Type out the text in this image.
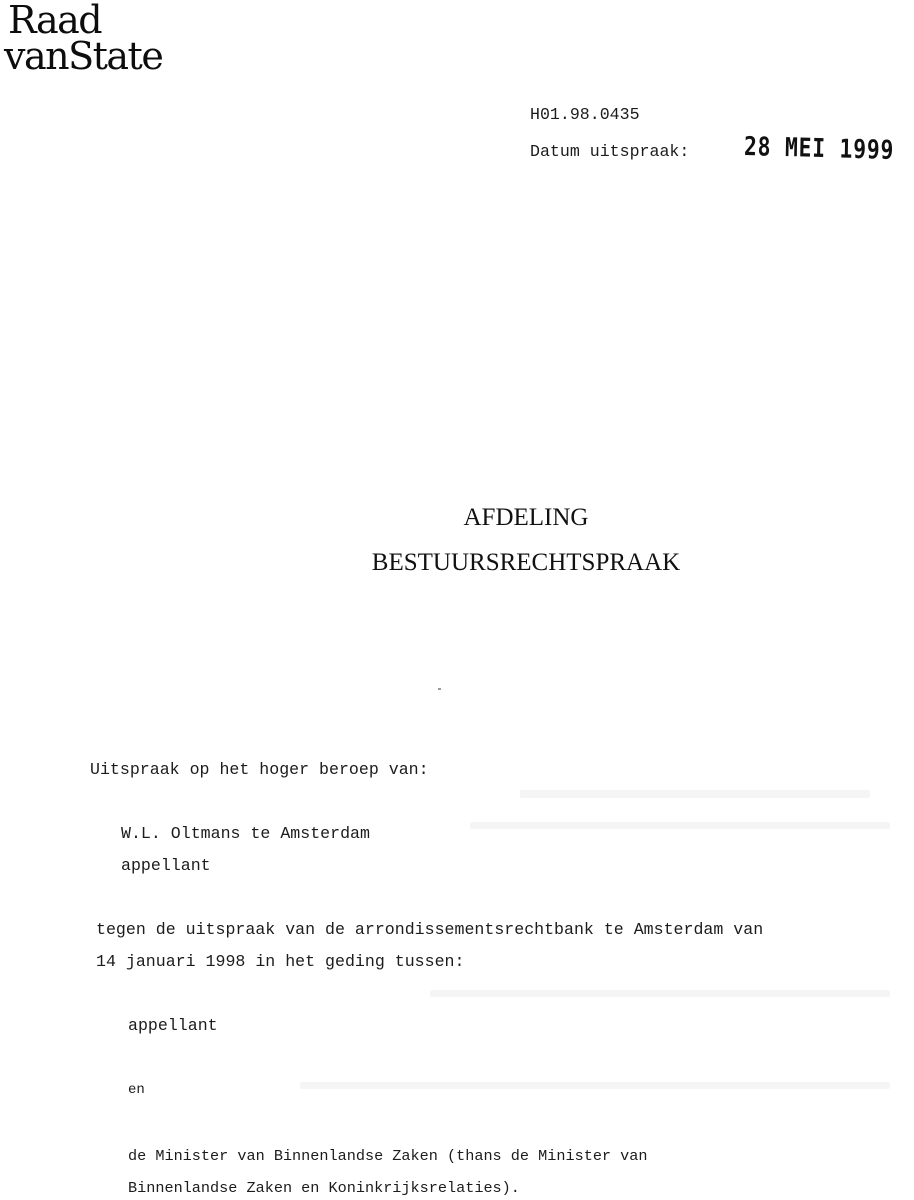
Raad
vanState
H01.98.0435
Datum uitspraak: 28 MEI 1999
AFDELING
BESTUURSRECHTSPRAAK
Uitspraak op het hoger beroep van:
W.L. Oltmans te Amsterdam
appellant
tegen de uitspraak van de arrondissementsrechtbank te Amsterdam van
14 januari 1998 in het geding tussen:
appellant
en
de Minister van Binnenlandse Zaken (thans de Minister van
Binnenlandse Zaken en Koninkrijksrelaties).
